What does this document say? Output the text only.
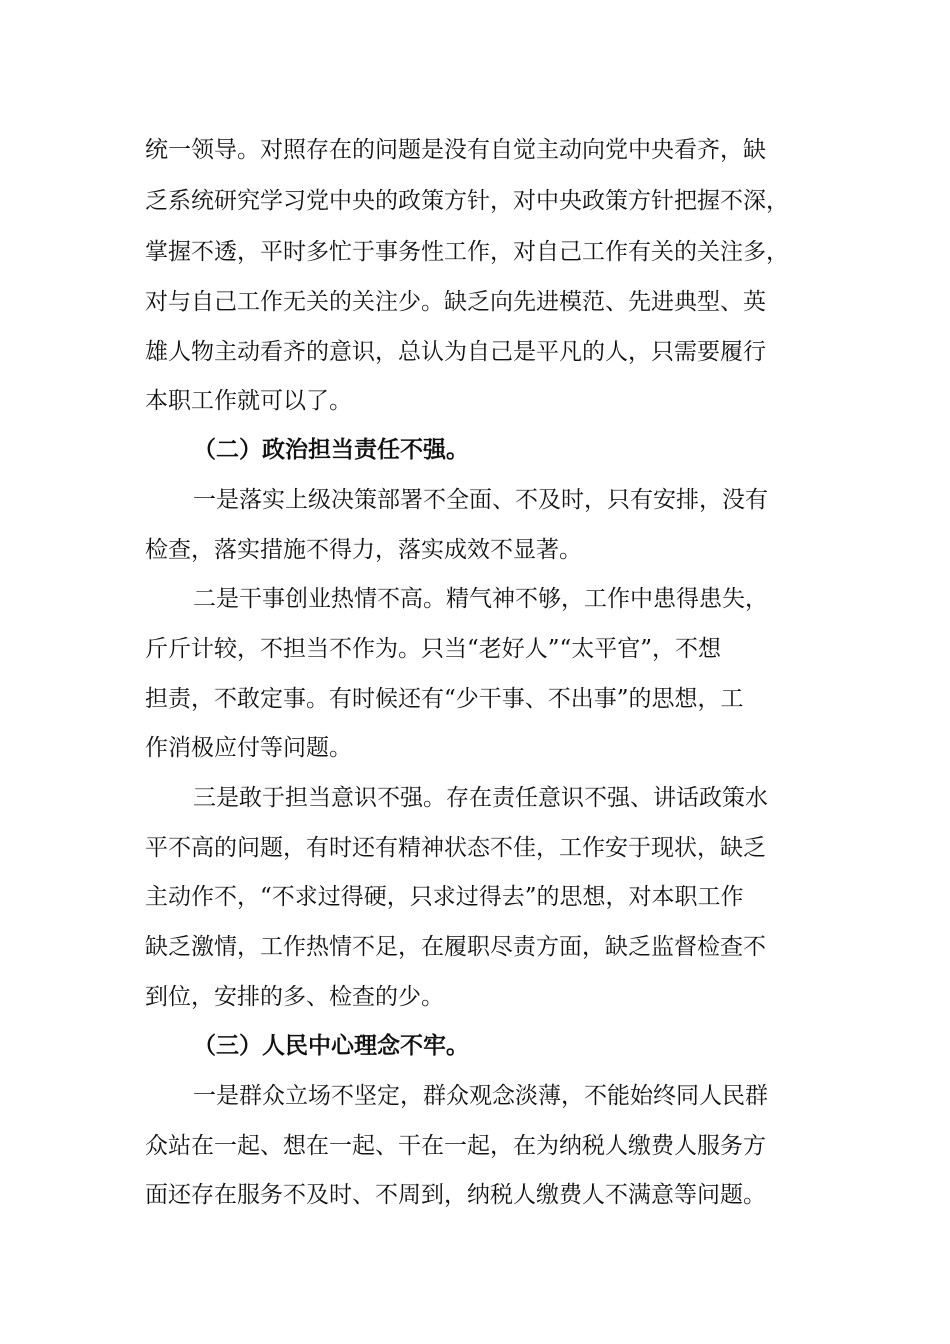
统一领导。对照存在的问题是没有自觉主动向党中央看齐，缺
乏系统研究学习党中央的政策方针，对中央政策方针把握不深，
掌握不透，平时多忙于事务性工作，对自己工作有关的关注多，
对与自己工作无关的关注少。缺乏向先进模范、先进典型、英
雄人物主动看齐的意识，总认为自己是平凡的人，只需要履行
本职工作就可以了。
（二）政治担当责任不强。
一是落实上级决策部署不全面、不及时，只有安排，没有
检查，落实措施不得力，落实成效不显著。
二是干事创业热情不高。精气神不够，工作中患得患失，
斤斤计较，不担当不作为。只当“老好人”“太平官”，不想
担责，不敢定事。有时候还有“少干事、不出事”的思想，工
作消极应付等问题。
三是敢于担当意识不强。存在责任意识不强、讲话政策水
平不高的问题，有时还有精神状态不佳，工作安于现状，缺乏
主动作不，“不求过得硬，只求过得去”的思想，对本职工作
缺乏激情，工作热情不足，在履职尽责方面，缺乏监督检查不
到位，安排的多、检查的少。
（三）人民中心理念不牢。
一是群众立场不坚定，群众观念淡薄，不能始终同人民群
众站在一起、想在一起、干在一起，在为纳税人缴费人服务方
面还存在服务不及时、不周到，纳税人缴费人不满意等问题。
